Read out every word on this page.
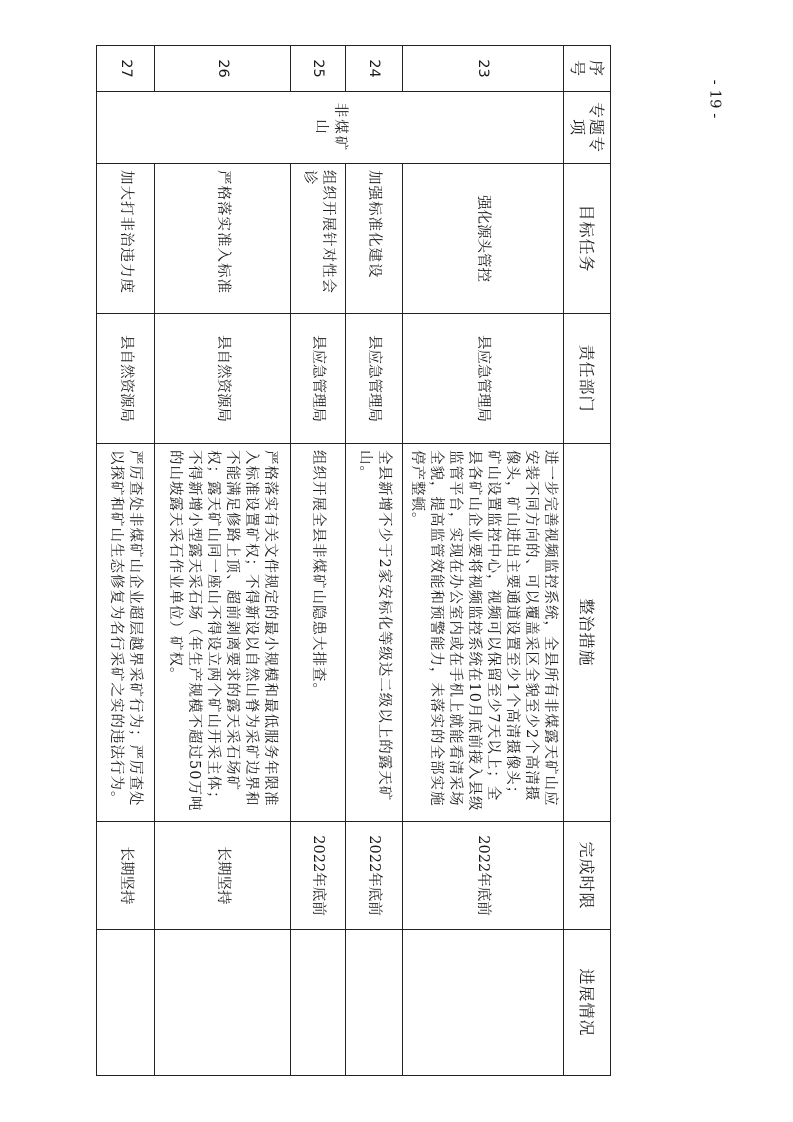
- 19 -
序号	专题专项	目标任务	责任部门	整治措施	完成时限	进展情况
23	非煤矿山	强化源头管控	县应急管理局	进一步完善视频监控系统，全县所有非煤露天矿山应安装不同方向的、可以覆盖采区全貌至少2个高清摄像头，矿山进出主要通道设置至少1个高清摄像头；矿山设置监控中心，视频可以保留至少7天以上；全县各矿山企业要将视频监控系统在10月底前接入县级监管平台，实现在办公室内或在手机上就能看清采场全貌，提高监管效能和预警能力，未落实的全部实施停产整顿。	2022年底前	
24		加强标准化建设	县应急管理局	全县新增不少于2家安标化等级达二级以上的露天矿山。	2022年底前	
25		组织开展针对性会诊	县应急管理局	组织开展全县非煤矿山隐患大排查。	2022年底前	
26		严格落实准入标准	县自然资源局	严格落实有关文件规定的最小规模和最低服务年限准入标准设置矿权；不得新设以自然山脊为采矿边界和不能满足修路上顶、超前剥离要求的露天采石场矿权；露天矿山同一座山不得设立两个矿山开采主体；不得新增小型露天采石场（年生产规模不超过50万吨的山坡露天采石作业单位）矿权。	长期坚持	
27		加大打非治违力度	县自然资源局	严厉查处非煤矿山企业超层越界采矿行为；严厉查处以探矿和矿山生态修复为名行采矿之实的违法行为。	长期坚持	
